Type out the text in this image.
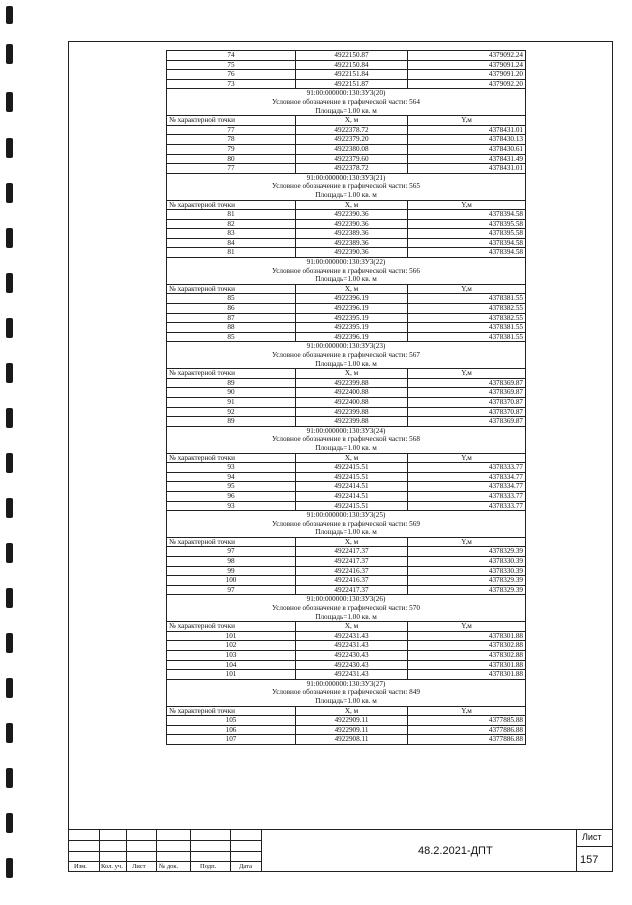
74	4922150.87	4379092.24
75	4922150.84	4379091.24
76	4922151.84	4379091.20
73	4922151.87	4379092.20
91:00:000000:130:ЗУ3(20)		
Условное обозначение в графической части: 564		
Площадь=1.00 кв. м		
№ характерной точки	X, м	Y,м
77	4922378.72	4378431.01
78	4922379.20	4378430.13
79	4922380.08	4378430.61
80	4922379.60	4378431.49
77	4922378.72	4378431.01
91:00:000000:130:ЗУ3(21)		
Условное обозначение в графической части: 565		
Площадь=1.00 кв. м		
№ характерной точки	X, м	Y,м
81	4922390.36	4378394.58
82	4922390.36	4378395.58
83	4922389.36	4378395.58
84	4922389.36	4378394.58
81	4922390.36	4378394.58
91:00:000000:130:ЗУ3(22)		
Условное обозначение в графической части: 566		
Площадь=1.00 кв. м		
№ характерной точки	X, м	Y,м
85	4922396.19	4378381.55
86	4922396.19	4378382.55
87	4922395.19	4378382.55
88	4922395.19	4378381.55
85	4922396.19	4378381.55
91:00:000000:130:ЗУ3(23)		
Условное обозначение в графической части: 567		
Площадь=1.00 кв. м		
№ характерной точки	X, м	Y,м
89	4922399.88	4378369.87
90	4922400.88	4378369.87
91	4922400.88	4378370.87
92	4922399.88	4378370.87
89	4922399.88	4378369.87
91:00:000000:130:ЗУ3(24)		
Условное обозначение в графической части: 568		
Площадь=1.00 кв. м		
№ характерной точки	X, м	Y,м
93	4922415.51	4378333.77
94	4922415.51	4378334.77
95	4922414.51	4378334.77
96	4922414.51	4378333.77
93	4922415.51	4378333.77
91:00:000000:130:ЗУ3(25)		
Условное обозначение в графической части: 569		
Площадь=1.00 кв. м		
№ характерной точки	X, м	Y,м
97	4922417.37	4378329.39
98	4922417.37	4378330.39
99	4922416.37	4378330.39
100	4922416.37	4378329.39
97	4922417.37	4378329.39
91:00:000000:130:ЗУ3(26)		
Условное обозначение в графической части: 570		
Площадь=1.00 кв. м		
№ характерной точки	X, м	Y,м
101	4922431.43	4378301.88
102	4922431.43	4378302.88
103	4922430.43	4378302.88
104	4922430.43	4378301.88
101	4922431.43	4378301.88
91:00:000000:130:ЗУ3(27)		
Условное обозначение в графической части: 849		
Площадь=1.00 кв. м		
№ характерной точки	X, м	Y,м
105	4922909.11	4377885.88
106	4922909.11	4377886.88
107	4922908.11	4377886.88
Изм. Кол. уч. Лист № док.	Подп.	Дата
48.2.2021-ДПТ
Лист
157
